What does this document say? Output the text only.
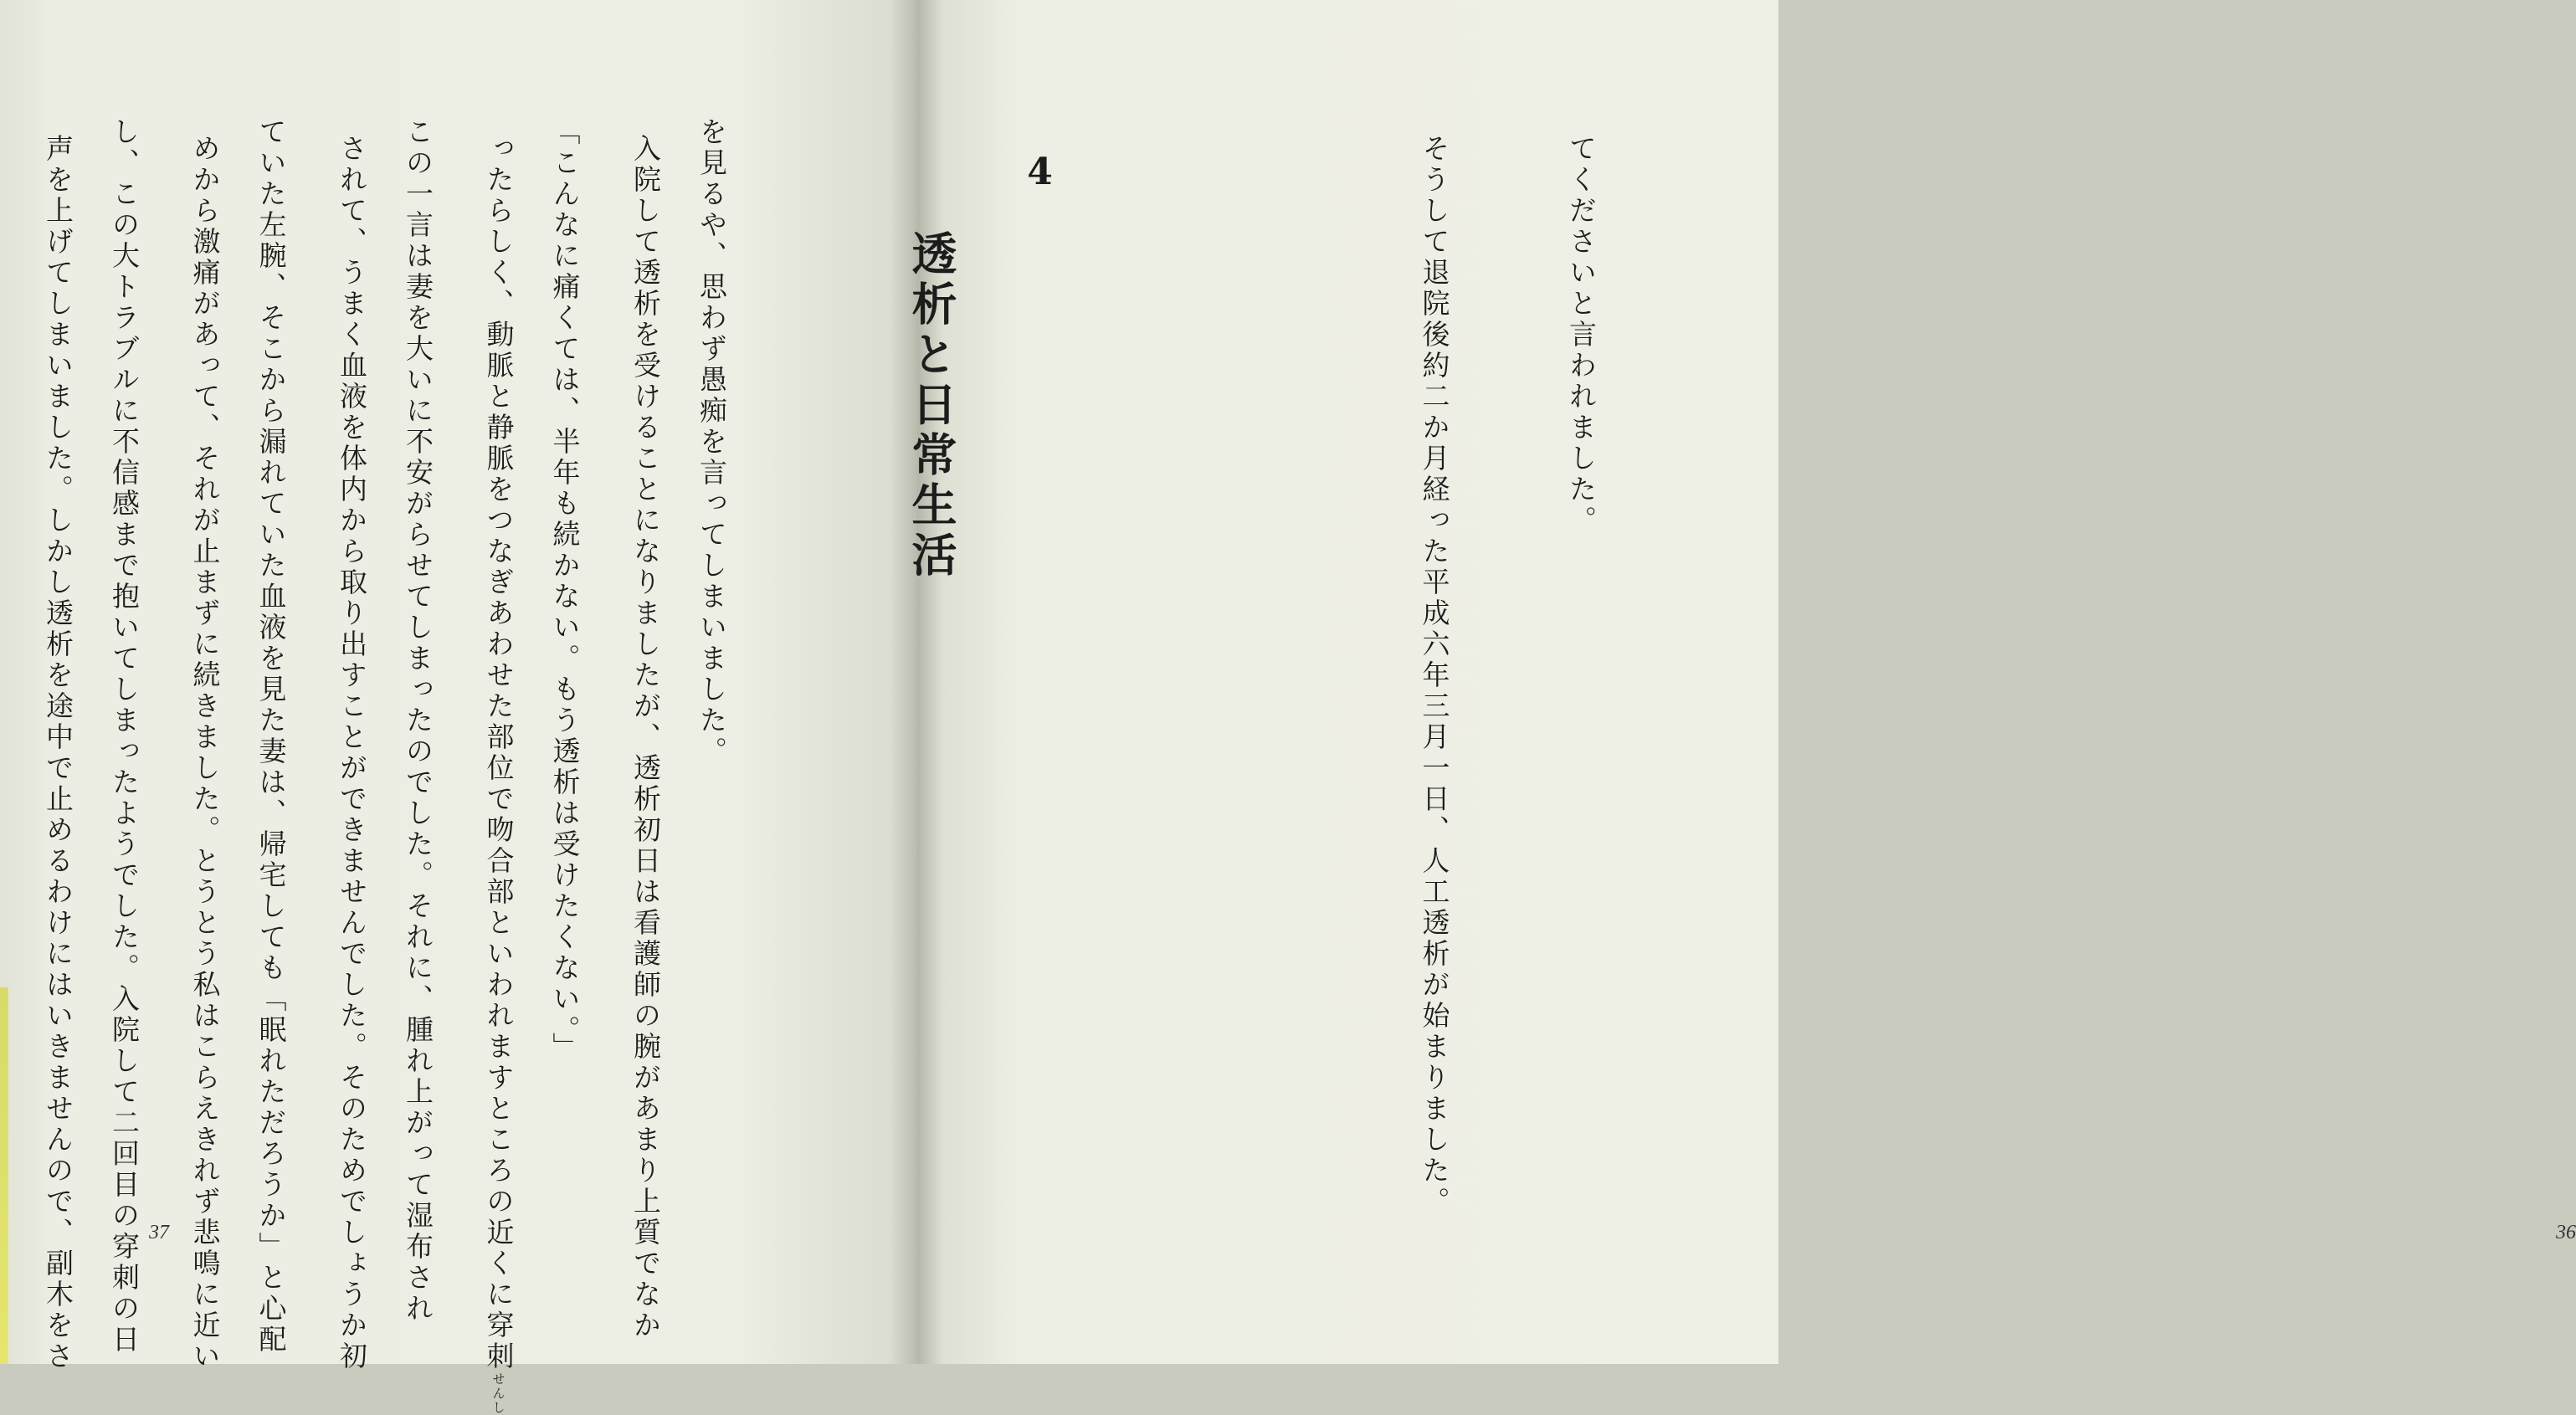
を見るや、思わず愚痴を言ってしまいました。

「こんなに痛くては、半年も続かない。もう透析は受けたくない。」

この一言は妻を大いに不安がらせてしまったのでした。それに、腫れ上がって湿布され

ていた左腕、そこから漏れていた血液を見た妻は、帰宅しても「眠れただろうか」と心配

し、この大トラブルに不信感まで抱いてしまったようでした。入院して二回目の穿刺の日

37

てくださいと言われました。

そうして退院後約二か月経った平成六年三月一日、人工透析が始まりました。

4
透析と日常生活

入院して透析を受けることになりましたが、透析初日は看護師の腕があまり上質でなか

ったらしく、動脈と静脈をつなぎあわせた部位で吻合部といわれますところの近くに穿刺せんし

されて、うまく血液を体内から取り出すことができませんでした。そのためでしょうか初

めから激痛があって、それが止まずに続きました。とうとう私はこらえきれず悲鳴に近い

声を上げてしまいました。しかし透析を途中で止めるわけにはいきませんので、副木をさ

	36
